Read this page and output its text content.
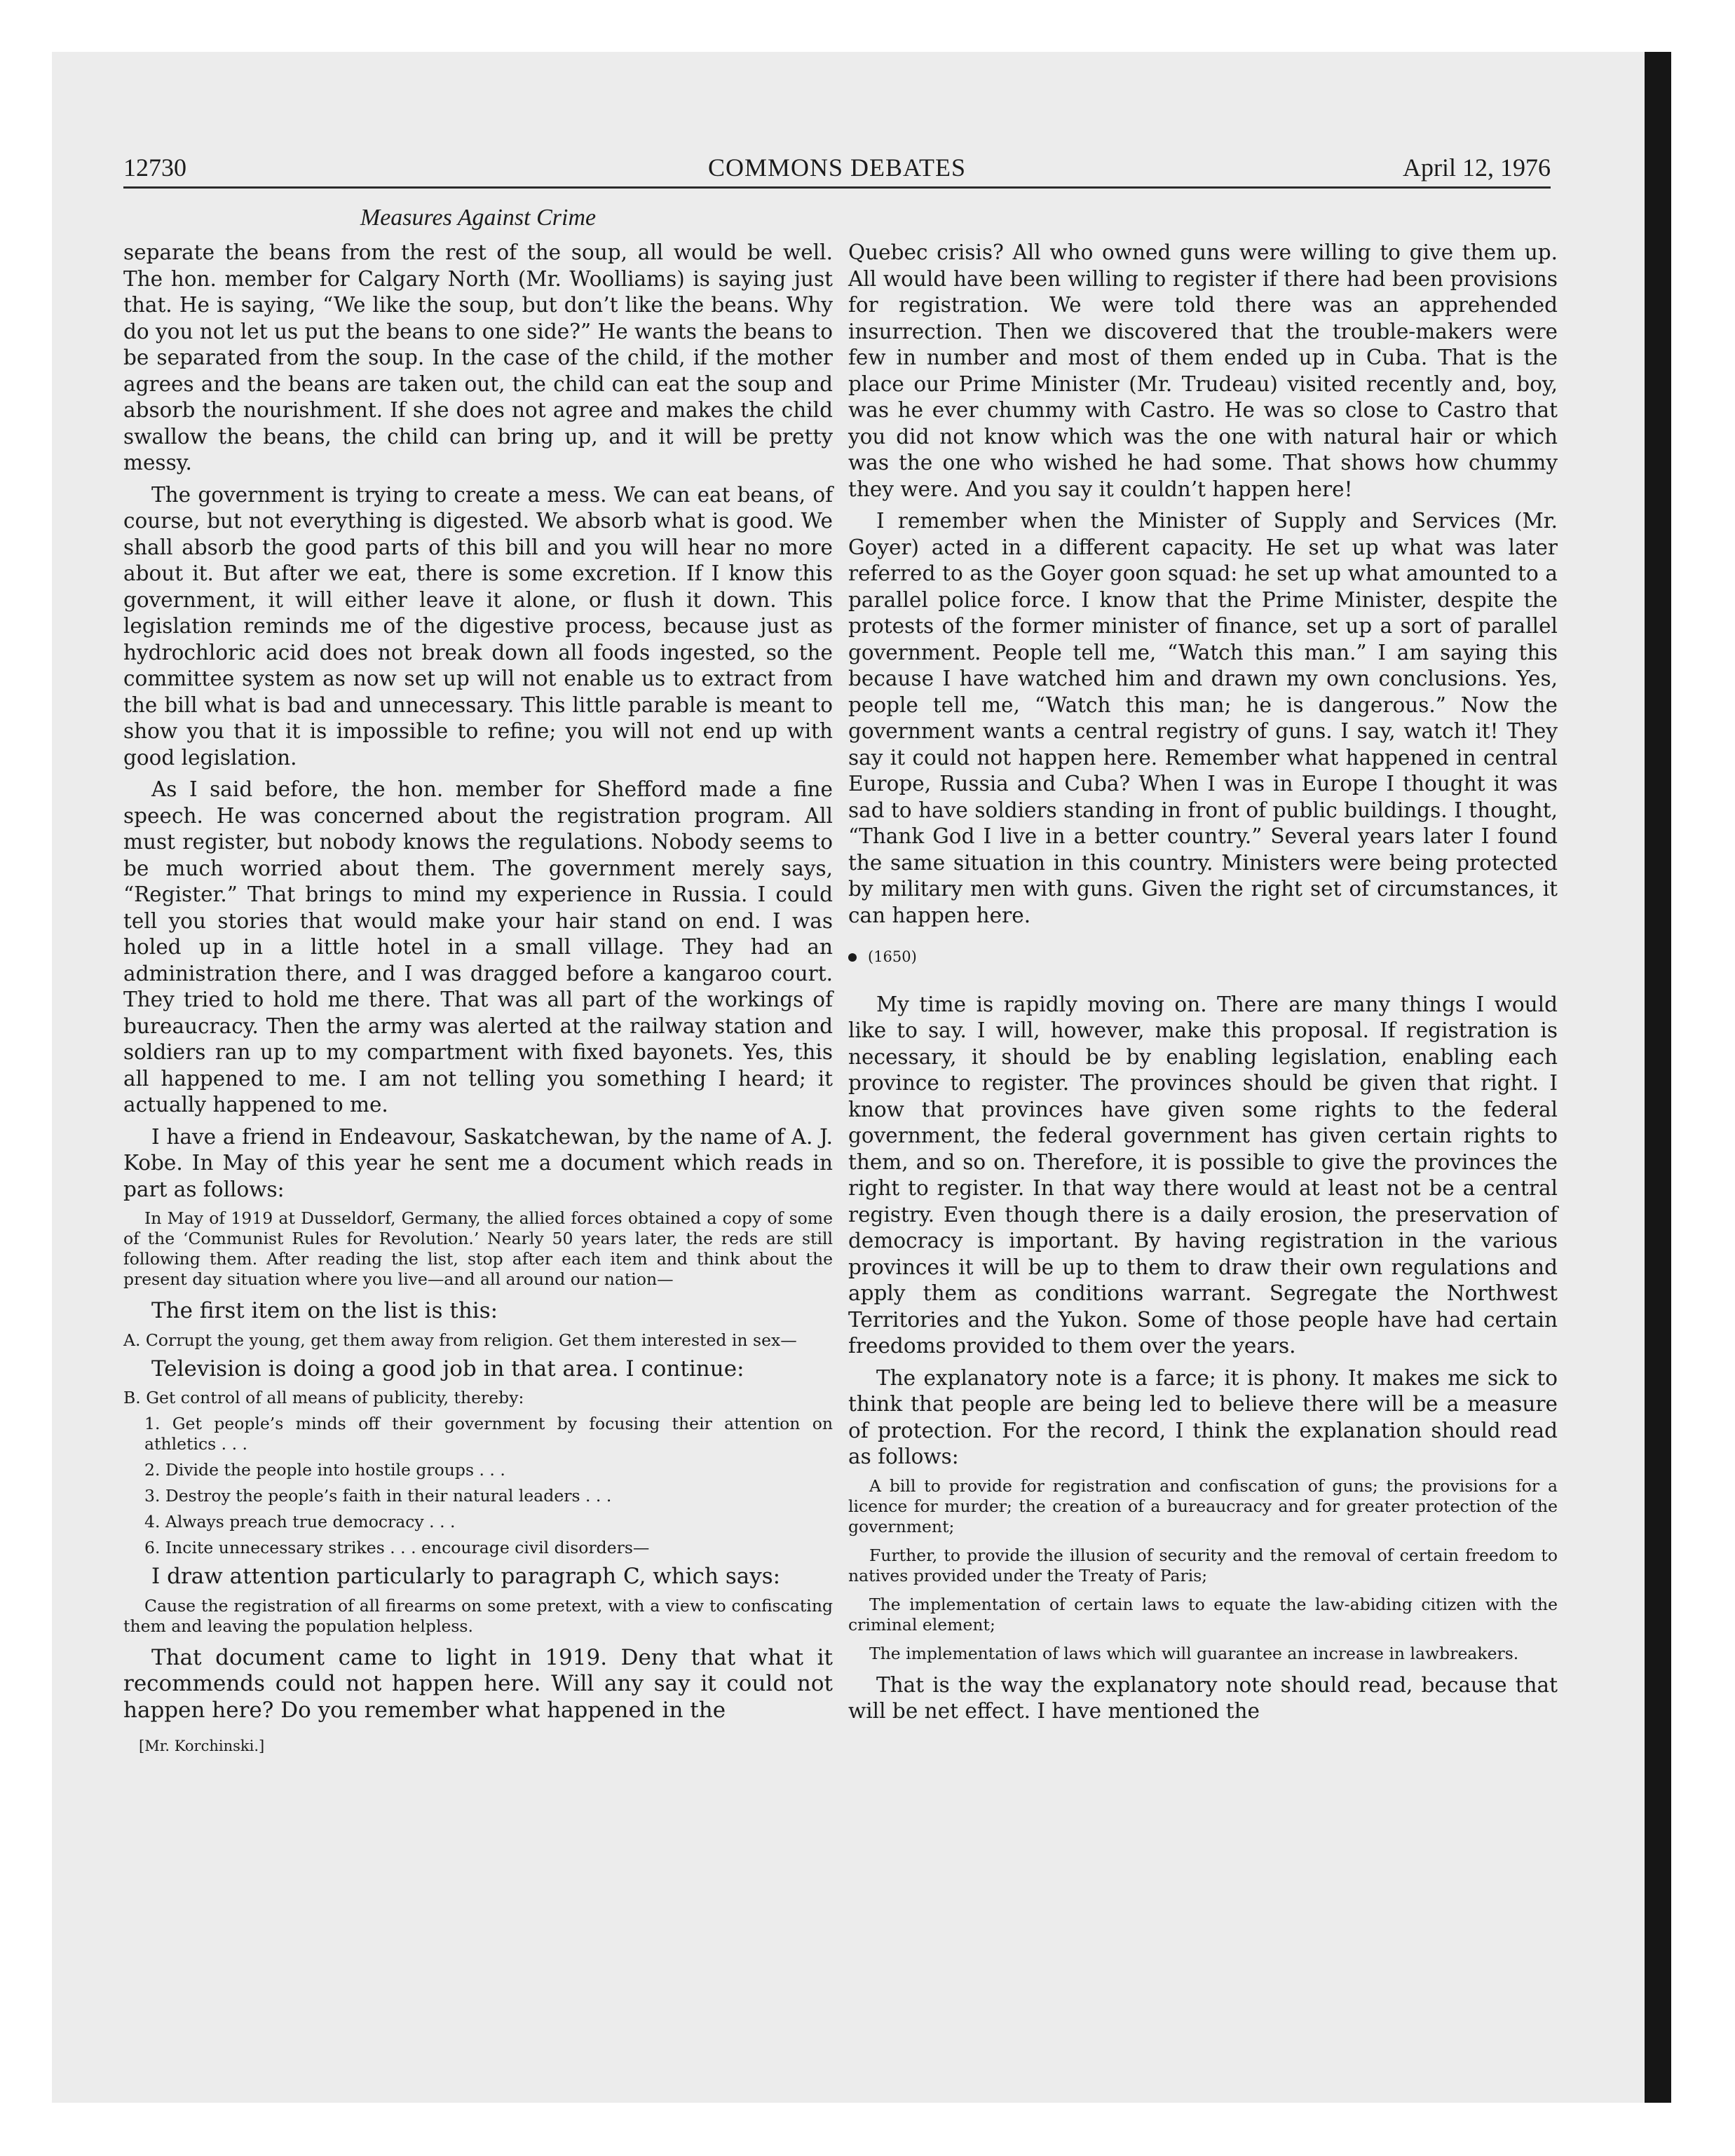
12730	COMMONS DEBATES	April 12, 1976
Measures Against Crime

separate the beans from the rest of the soup, all would be well. The hon. member for Calgary North (Mr. Woolliams) is saying just that. He is saying, “We like the soup, but don’t like the beans. Why do you not let us put the beans to one side?” He wants the beans to be separated from the soup. In the case of the child, if the mother agrees and the beans are taken out, the child can eat the soup and absorb the nourishment. If she does not agree and makes the child swallow the beans, the child can bring up, and it will be pretty messy.

The government is trying to create a mess. We can eat beans, of course, but not everything is digested. We absorb what is good. We shall absorb the good parts of this bill and you will hear no more about it. But after we eat, there is some excretion. If I know this government, it will either leave it alone, or flush it down. This legislation reminds me of the digestive process, because just as hydrochloric acid does not break down all foods ingested, so the committee system as now set up will not enable us to extract from the bill what is bad and unnecessary. This little parable is meant to show you that it is impossible to refine; you will not end up with good legislation.

As I said before, the hon. member for Shefford made a fine speech. He was concerned about the registration program. All must register, but nobody knows the regulations. Nobody seems to be much worried about them. The government merely says, “Register.” That brings to mind my experience in Russia. I could tell you stories that would make your hair stand on end. I was holed up in a little hotel in a small village. They had an administration there, and I was dragged before a kangaroo court. They tried to hold me there. That was all part of the workings of bureaucracy. Then the army was alerted at the railway station and soldiers ran up to my compartment with fixed bayonets. Yes, this all happened to me. I am not telling you something I heard; it actually happened to me.

I have a friend in Endeavour, Saskatchewan, by the name of A. J. Kobe. In May of this year he sent me a document which reads in part as follows:

In May of 1919 at Dusseldorf, Germany, the allied forces obtained a copy of some of the ‘Communist Rules for Revolution.’ Nearly 50 years later, the reds are still following them. After reading the list, stop after each item and think about the present day situation where you live—and all around our nation—

The first item on the list is this:

A. Corrupt the young, get them away from religion. Get them interested in sex—

Television is doing a good job in that area. I continue:

B. Get control of all means of publicity, thereby:
1. Get people’s minds off their government by focusing their attention on athletics . . .
2. Divide the people into hostile groups . . .
3. Destroy the people’s faith in their natural leaders . . .
4. Always preach true democracy . . .
6. Incite unnecessary strikes . . . encourage civil disorders—

I draw attention particularly to paragraph C, which says:

Cause the registration of all firearms on some pretext, with a view to confiscating them and leaving the population helpless.

That document came to light in 1919. Deny that what it recommends could not happen here. Will any say it could not happen here? Do you remember what happened in the

[Mr. Korchinski.]

Quebec crisis? All who owned guns were willing to give them up. All would have been willing to register if there had been provisions for registration. We were told there was an apprehended insurrection. Then we discovered that the trouble-makers were few in number and most of them ended up in Cuba. That is the place our Prime Minister (Mr. Trudeau) visited recently and, boy, was he ever chummy with Castro. He was so close to Castro that you did not know which was the one with natural hair or which was the one who wished he had some. That shows how chummy they were. And you say it couldn’t happen here!

I remember when the Minister of Supply and Services (Mr. Goyer) acted in a different capacity. He set up what was later referred to as the Goyer goon squad: he set up what amounted to a parallel police force. I know that the Prime Minister, despite the protests of the former minister of finance, set up a sort of parallel government. People tell me, “Watch this man.” I am saying this because I have watched him and drawn my own conclusions. Yes, people tell me, “Watch this man; he is dangerous.” Now the government wants a central registry of guns. I say, watch it! They say it could not happen here. Remember what happened in central Europe, Russia and Cuba? When I was in Europe I thought it was sad to have soldiers standing in front of public buildings. I thought, “Thank God I live in a better country.” Several years later I found the same situation in this country. Ministers were being protected by military men with guns. Given the right set of circumstances, it can happen here.

(1650)

My time is rapidly moving on. There are many things I would like to say. I will, however, make this proposal. If registration is necessary, it should be by enabling legislation, enabling each province to register. The provinces should be given that right. I know that provinces have given some rights to the federal government, the federal government has given certain rights to them, and so on. Therefore, it is possible to give the provinces the right to register. In that way there would at least not be a central registry. Even though there is a daily erosion, the preservation of democracy is important. By having registration in the various provinces it will be up to them to draw their own regulations and apply them as conditions warrant. Segregate the Northwest Territories and the Yukon. Some of those people have had certain freedoms provided to them over the years.

The explanatory note is a farce; it is phony. It makes me sick to think that people are being led to believe there will be a measure of protection. For the record, I think the explanation should read as follows:

A bill to provide for registration and confiscation of guns; the provisions for a licence for murder; the creation of a bureaucracy and for greater protection of the government;
Further, to provide the illusion of security and the removal of certain freedom to natives provided under the Treaty of Paris;
The implementation of certain laws to equate the law-abiding citizen with the criminal element;
The implementation of laws which will guarantee an increase in lawbreakers.

That is the way the explanatory note should read, because that will be net effect. I have mentioned the
